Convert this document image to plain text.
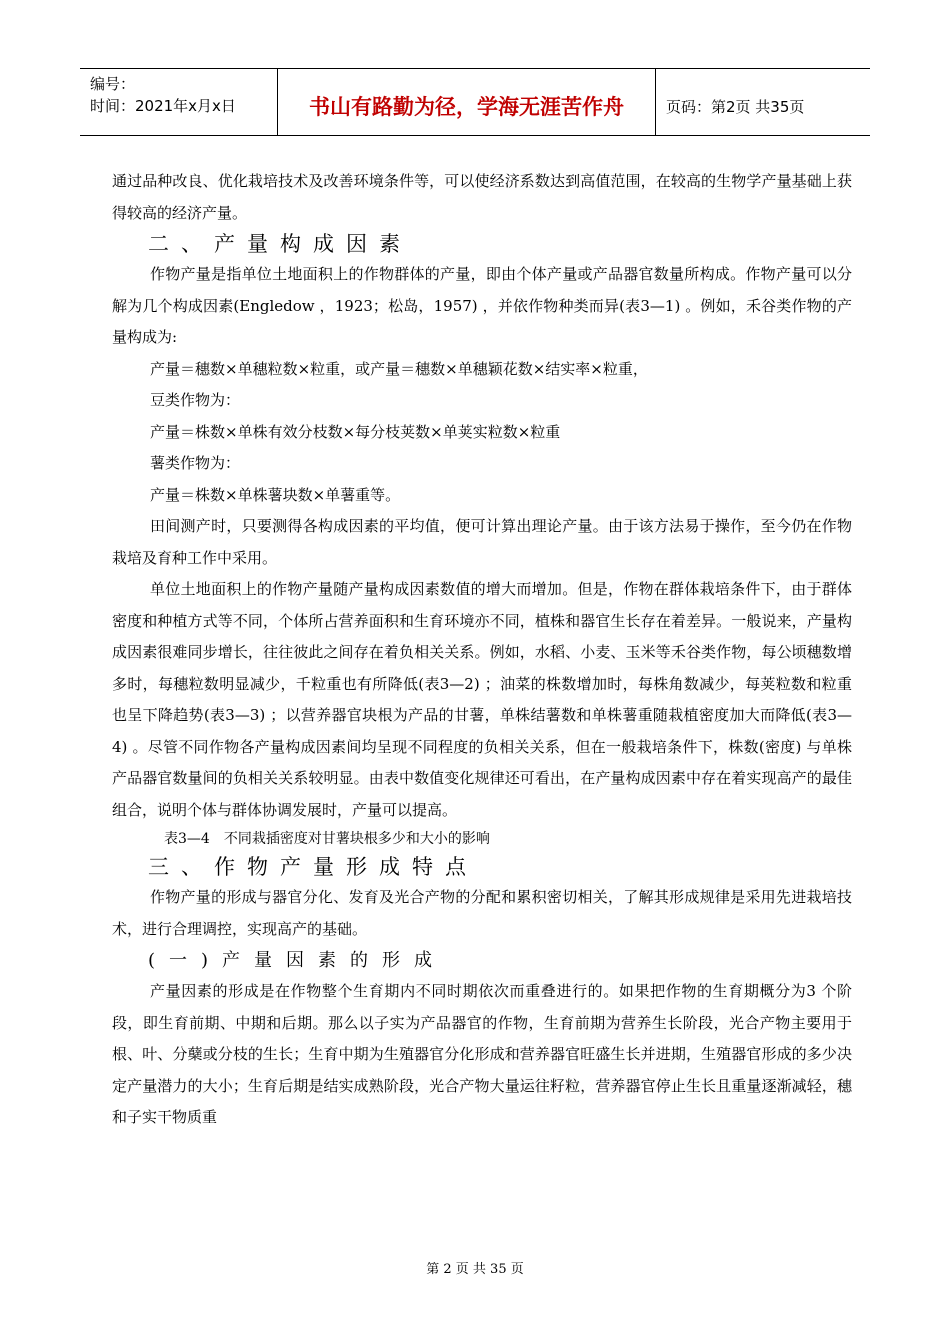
编号：
时间：2021年x月x日	书山有路勤为径，学海无涯苦作舟	页码：第2页 共35页

通过品种改良、优化栽培技术及改善环境条件等，可以使经济系数达到高值范围，在较高的生物学产量基础上获得较高的经济产量。

二、产量构成因素

作物产量是指单位土地面积上的作物群体的产量，即由个体产量或产品器官数量所构成。作物产量可以分解为几个构成因素(Engledow ，1923；松岛，1957) ，并依作物种类而异(表3—1) 。例如，禾谷类作物的产量构成为:

产量＝穗数×单穗粒数×粒重，或产量＝穗数×单穗颖花数×结实率×粒重，

豆类作物为：

产量＝株数×单株有效分枝数×每分枝荚数×单荚实粒数×粒重

薯类作物为：

产量＝株数×单株薯块数×单薯重等。

田间测产时，只要测得各构成因素的平均值，便可计算出理论产量。由于该方法易于操作，至今仍在作物栽培及育种工作中采用。

单位土地面积上的作物产量随产量构成因素数值的增大而增加。但是，作物在群体栽培条件下，由于群体密度和种植方式等不同，个体所占营养面积和生育环境亦不同，植株和器官生长存在着差异。一般说来，产量构成因素很难同步增长，往往彼此之间存在着负相关关系。例如，水稻、小麦、玉米等禾谷类作物，每公顷穗数增多时，每穗粒数明显减少，千粒重也有所降低(表3—2) ；油菜的株数增加时，每株角数减少，每荚粒数和粒重也呈下降趋势(表3—3) ；以营养器官块根为产品的甘薯，单株结薯数和单株薯重随栽植密度加大而降低(表3—4) 。尽管不同作物各产量构成因素间均呈现不同程度的负相关关系，但在一般栽培条件下，株数(密度) 与单株产品器官数量间的负相关关系较明显。由表中数值变化规律还可看出，在产量构成因素中存在着实现高产的最佳组合，说明个体与群体协调发展时，产量可以提高。

表3—4　不同栽插密度对甘薯块根多少和大小的影响

三、作物产量形成特点

作物产量的形成与器官分化、发育及光合产物的分配和累积密切相关，了解其形成规律是采用先进栽培技术，进行合理调控，实现高产的基础。

(一)产量因素的形成

产量因素的形成是在作物整个生育期内不同时期依次而重叠进行的。如果把作物的生育期概分为3 个阶段，即生育前期、中期和后期。那么以子实为产品器官的作物，生育前期为营养生长阶段，光合产物主要用于根、叶、分蘖或分枝的生长；生育中期为生殖器官分化形成和营养器官旺盛生长并进期，生殖器官形成的多少决定产量潜力的大小；生育后期是结实成熟阶段，光合产物大量运往籽粒，营养器官停止生长且重量逐渐减轻，穗和子实干物质重

第 2 页 共 35 页
